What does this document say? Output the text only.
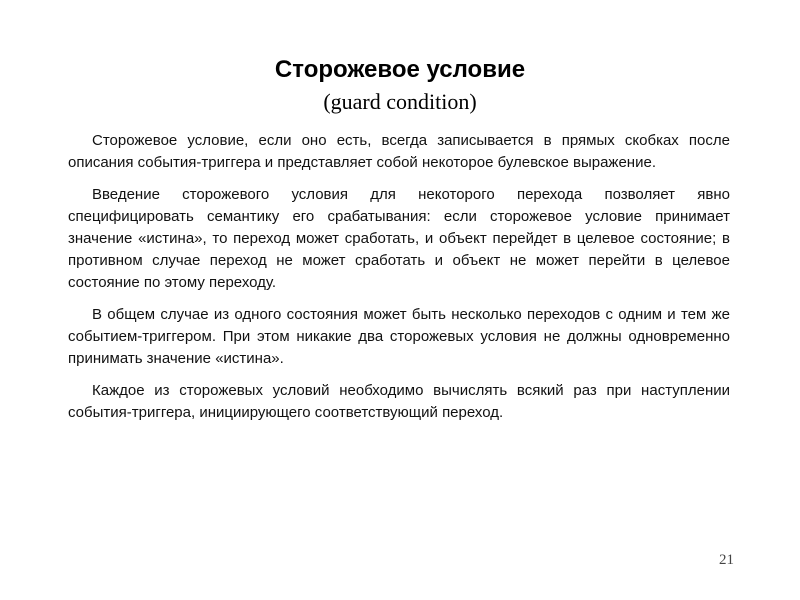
Сторожевое условие
(guard condition)

Сторожевое условие, если оно есть, всегда записывается в прямых скобках после описания события-триггера и представляет собой некоторое булевское выражение.

Введение сторожевого условия для некоторого перехода позволяет явно специфицировать семантику его срабатывания: если сторожевое условие принимает значение «истина», то переход может сработать, и объект перейдет в целевое состояние; в противном случае переход не может сработать и объект не может перейти в целевое состояние по этому переходу.

В общем случае из одного состояния может быть несколько переходов с одним и тем же событием-триггером. При этом никакие два сторожевых условия не должны одновременно принимать значение «истина».

Каждое из сторожевых условий необходимо вычислять всякий раз при наступлении события-триггера, инициирующего соответствующий переход.

21
